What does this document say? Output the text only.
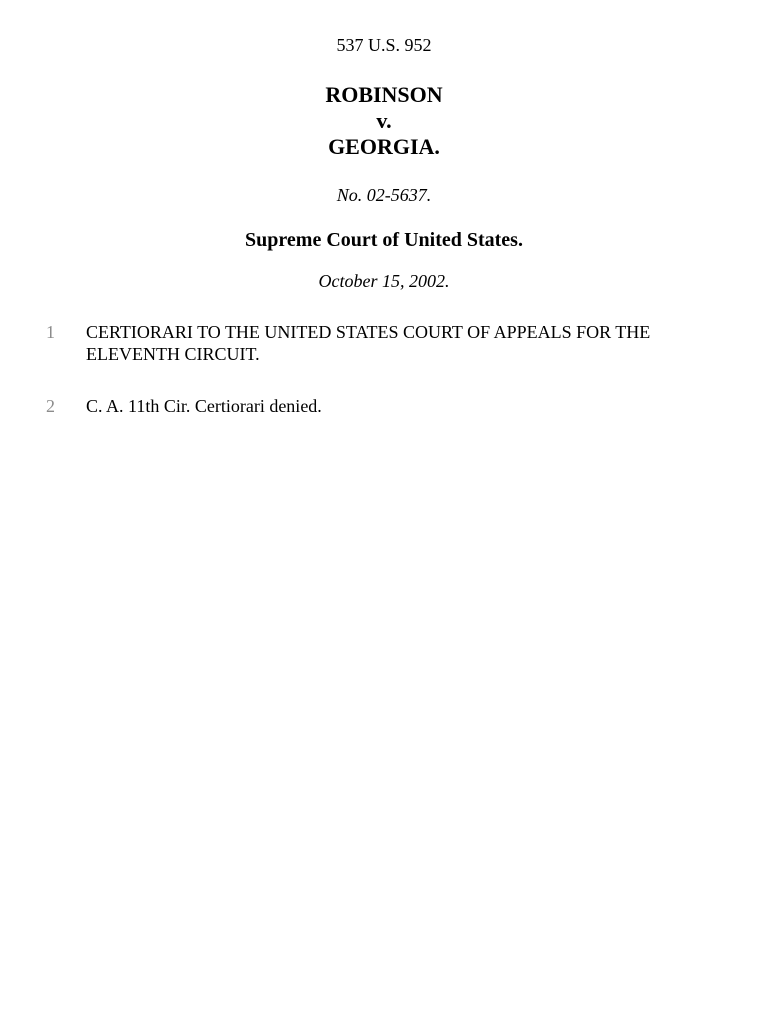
537 U.S. 952
ROBINSON
v.
GEORGIA.
No. 02-5637.
Supreme Court of United States.
October 15, 2002.
1 CERTIORARI TO THE UNITED STATES COURT OF APPEALS FOR THE ELEVENTH CIRCUIT.
2 C. A. 11th Cir. Certiorari denied.
